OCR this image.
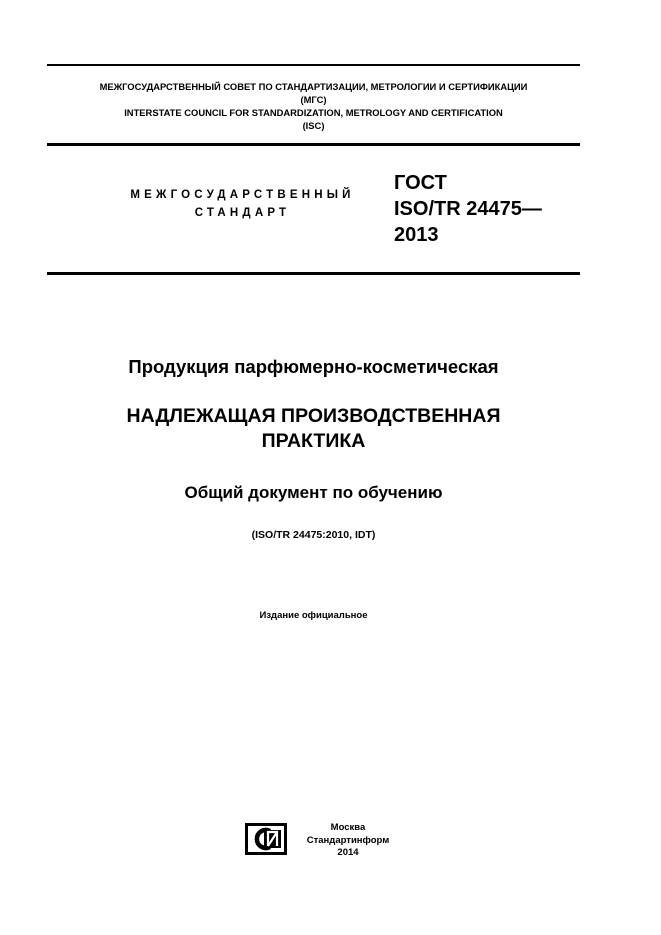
МЕЖГОСУДАРСТВЕННЫЙ СОВЕТ ПО СТАНДАРТИЗАЦИИ, МЕТРОЛОГИИ И СЕРТИФИКАЦИИ
(МГС)
INTERSTATE COUNCIL FOR STANDARDIZATION, METROLOGY AND CERTIFICATION
(ISC)
МЕЖГОСУДАРСТВЕННЫЙ
СТАНДАРТ
ГОСТ
ISO/TR 24475—
2013
Продукция парфюмерно-косметическая
НАДЛЕЖАЩАЯ ПРОИЗВОДСТВЕННАЯ
ПРАКТИКА
Общий документ по обучению
(ISO/TR 24475:2010, IDT)
Издание официальное
Москва
Стандартинформ
2014
